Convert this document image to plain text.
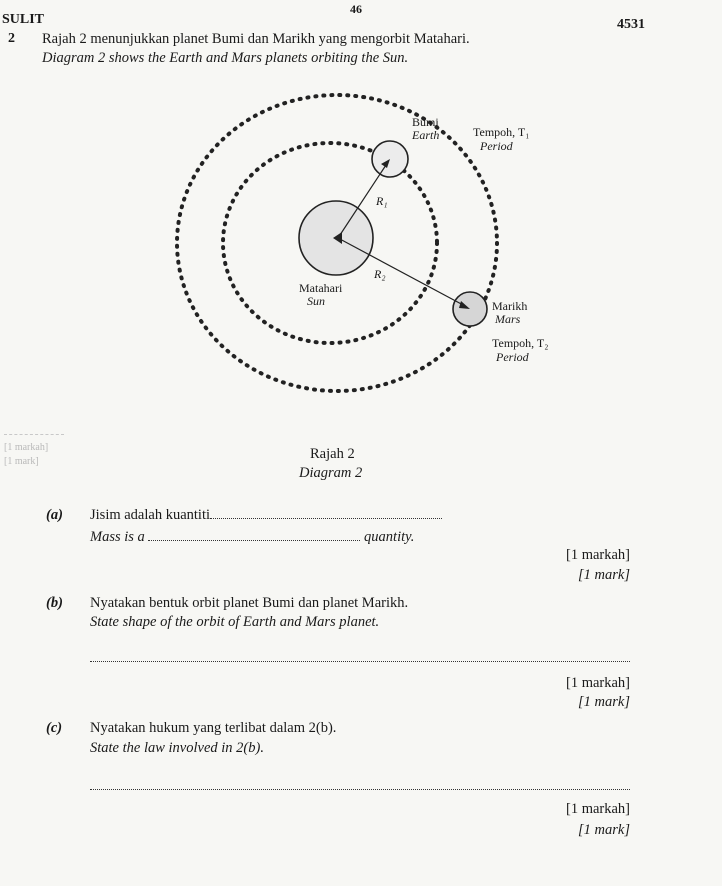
46
SULIT	4531
2 Rajah 2 menunjukkan planet Bumi dan Marikh yang mengorbit Matahari.
Diagram 2 shows the Earth and Mars planets orbiting the Sun.
Bumi
Earth	Tempoh, T₁
Period
R₁
R₂
Matahari
Sun	Marikh
Mars
Tempoh, T₂
Period
[1 markah]
[1 mark]	Rajah 2
Diagram 2
(a) Jisim adalah kuantiti
Mass is a	quantity.
[1 markah]
[1 mark]
(b) Nyatakan bentuk orbit planet Bumi dan planet Marikh.
State shape of the orbit of Earth and Mars planet.
[1 markah]
[1 mark]
(c) Nyatakan hukum yang terlibat dalam 2(b).
State the law involved in 2(b).
[1 markah]
[1 mark]
